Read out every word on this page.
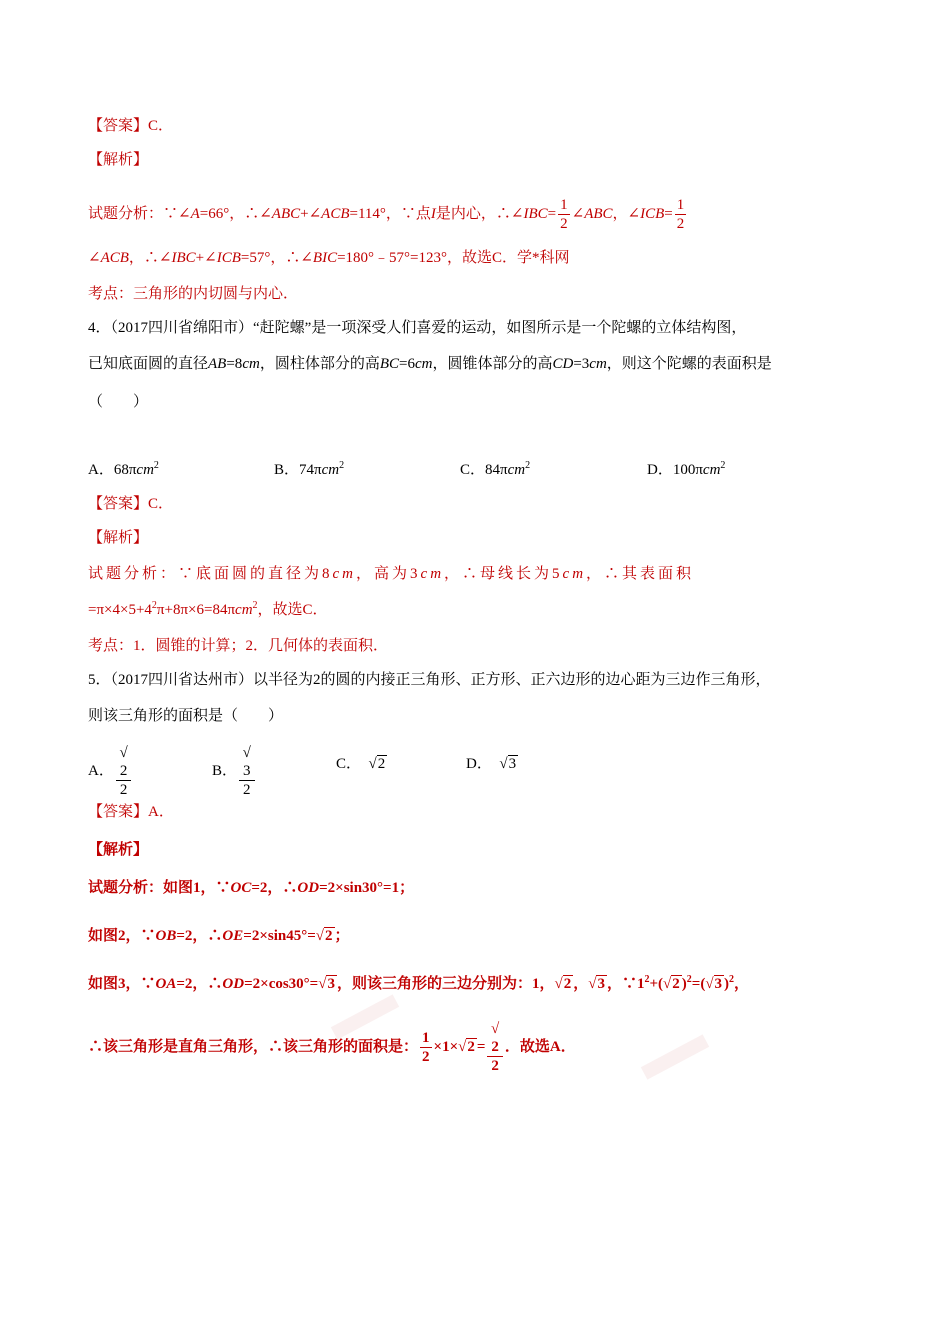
【答案】C．
【解析】
试题分析：∵∠A=66°，∴∠ABC+∠ACB=114°，∵点I是内心，∴∠IBC= $\frac{1}{2}$ ∠ABC，∠ICB= $\frac{1}{2}$
∠ACB，∴∠IBC+∠ICB=57°，∴∠BIC=180°﹣57°=123°，故选C．学*科网
考点：三角形的内切圆与内心．
4．（2017四川省绵阳市）“赶陀螺”是一项深受人们喜爱的运动，如图所示是一个陀螺的立体结构图，
已知底面圆的直径AB=8cm，圆柱体部分的高BC=6cm，圆锥体部分的高CD=3cm，则这个陀螺的表面积是
（　　）
A．68πcm$^2$	B．74πcm$^2$	C．84πcm$^2$	D．100πcm$^2$
【答案】C．
【解析】
试题分析：∵底面圆的直径为8cm，高为3cm，∴母线长为5cm，∴其表面积
$=\pi\times 4\times 5+4^2\pi+8\pi\times 6=84\pi cm^2$，故选C．
考点：1．圆锥的计算；2．几何体的表面积．
5．（2017四川省达州市）以半径为2的圆的内接正三角形、正方形、正六边形的边心距为三边作三角形，
则该三角形的面积是（　　）
A． √
2
2	B． √
3
2	C． √2	D． √3
【答案】A．
【解析】
试题分析：如图1，∵OC=2，∴OD=2×sin30°=1；
如图2，∵OB=2，∴OE=2×sin45°=√2 ；
如图3，∵OA=2，∴OD=2×cos30°=√3 ，则该三角形的三边分别为：1，√2 ，√3 ，$\because 1^2+(√2$ )$^2$=(√3 )$^2$，
∴该三角形是直角三角形，∴该三角形的面积是： $\frac{1}{2} \times 1\times√2$ = √
2
2 ．故选A．
